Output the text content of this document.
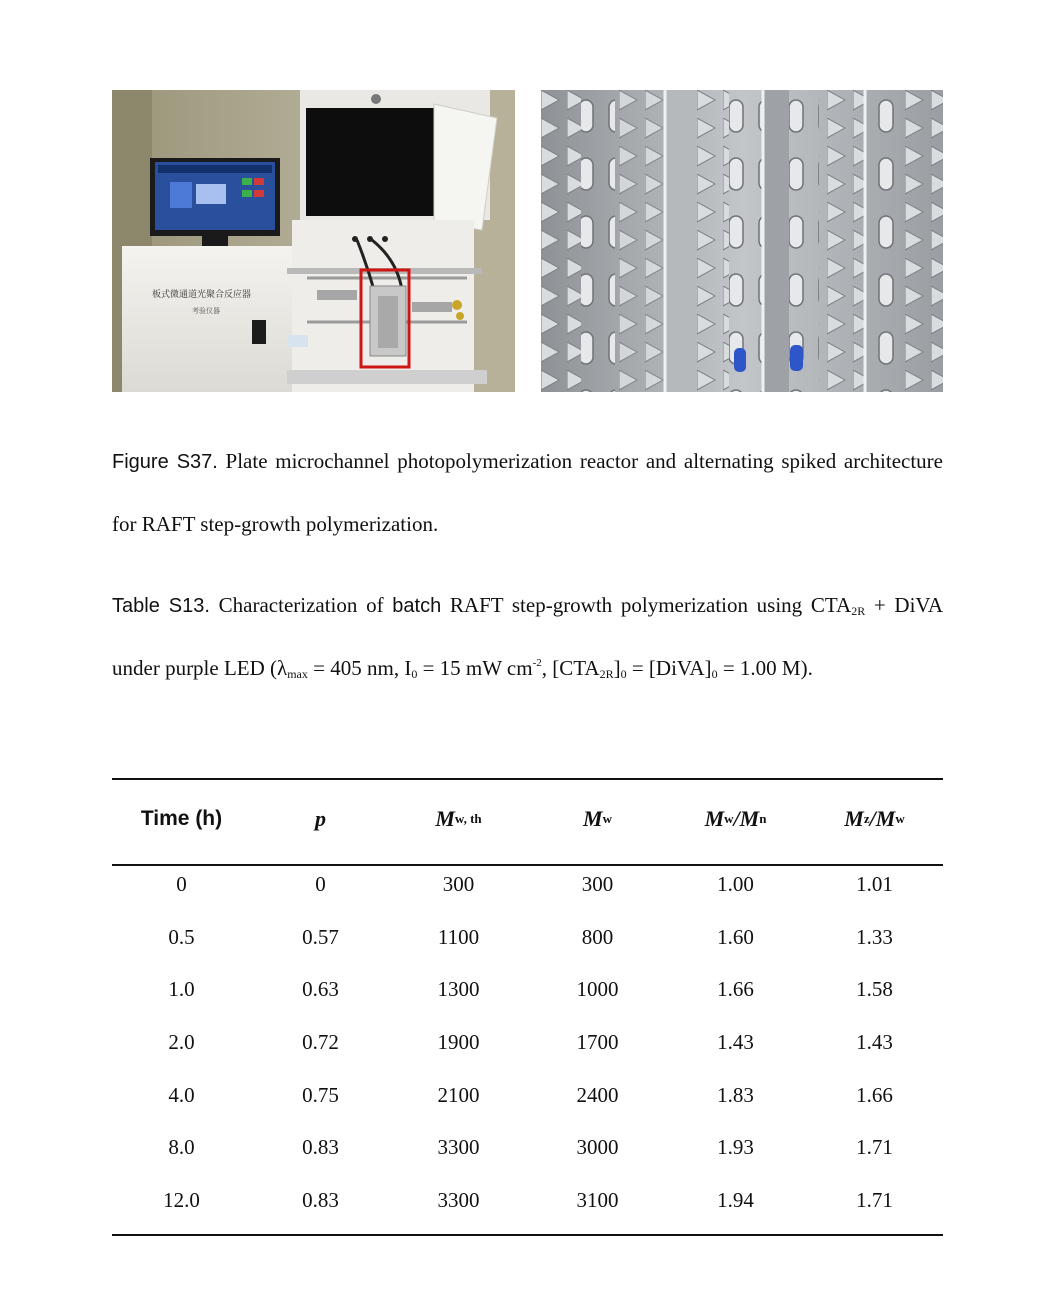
板式微通道光聚合反应器
考验仪器

Figure S37. Plate microchannel photopolymerization reactor and alternating spiked architecture for RAFT step-growth polymerization.

Table S13. Characterization of batch RAFT step-growth polymerization using $CTA_{2R}$ + DiVA under purple LED ($\lambda_{max} = 405$ nm, $I_0 = 15$ mW $cm^{-2}$, $[CTA_{2R}]_0$ = $[DiVA]_0 = 1.00$ M).

Time (h)	p	M w, th	M w	M w / M n	M z / M w
0	0	300	300	1.00	1.01
0.5	0.57	1100	800	1.60	1.33
1.0	0.63	1300	1000	1.66	1.58
2.0	0.72	1900	1700	1.43	1.43
4.0	0.75	2100	2400	1.83	1.66
8.0	0.83	3300	3000	1.93	1.71
12.0	0.83	3300	3100	1.94	1.71
